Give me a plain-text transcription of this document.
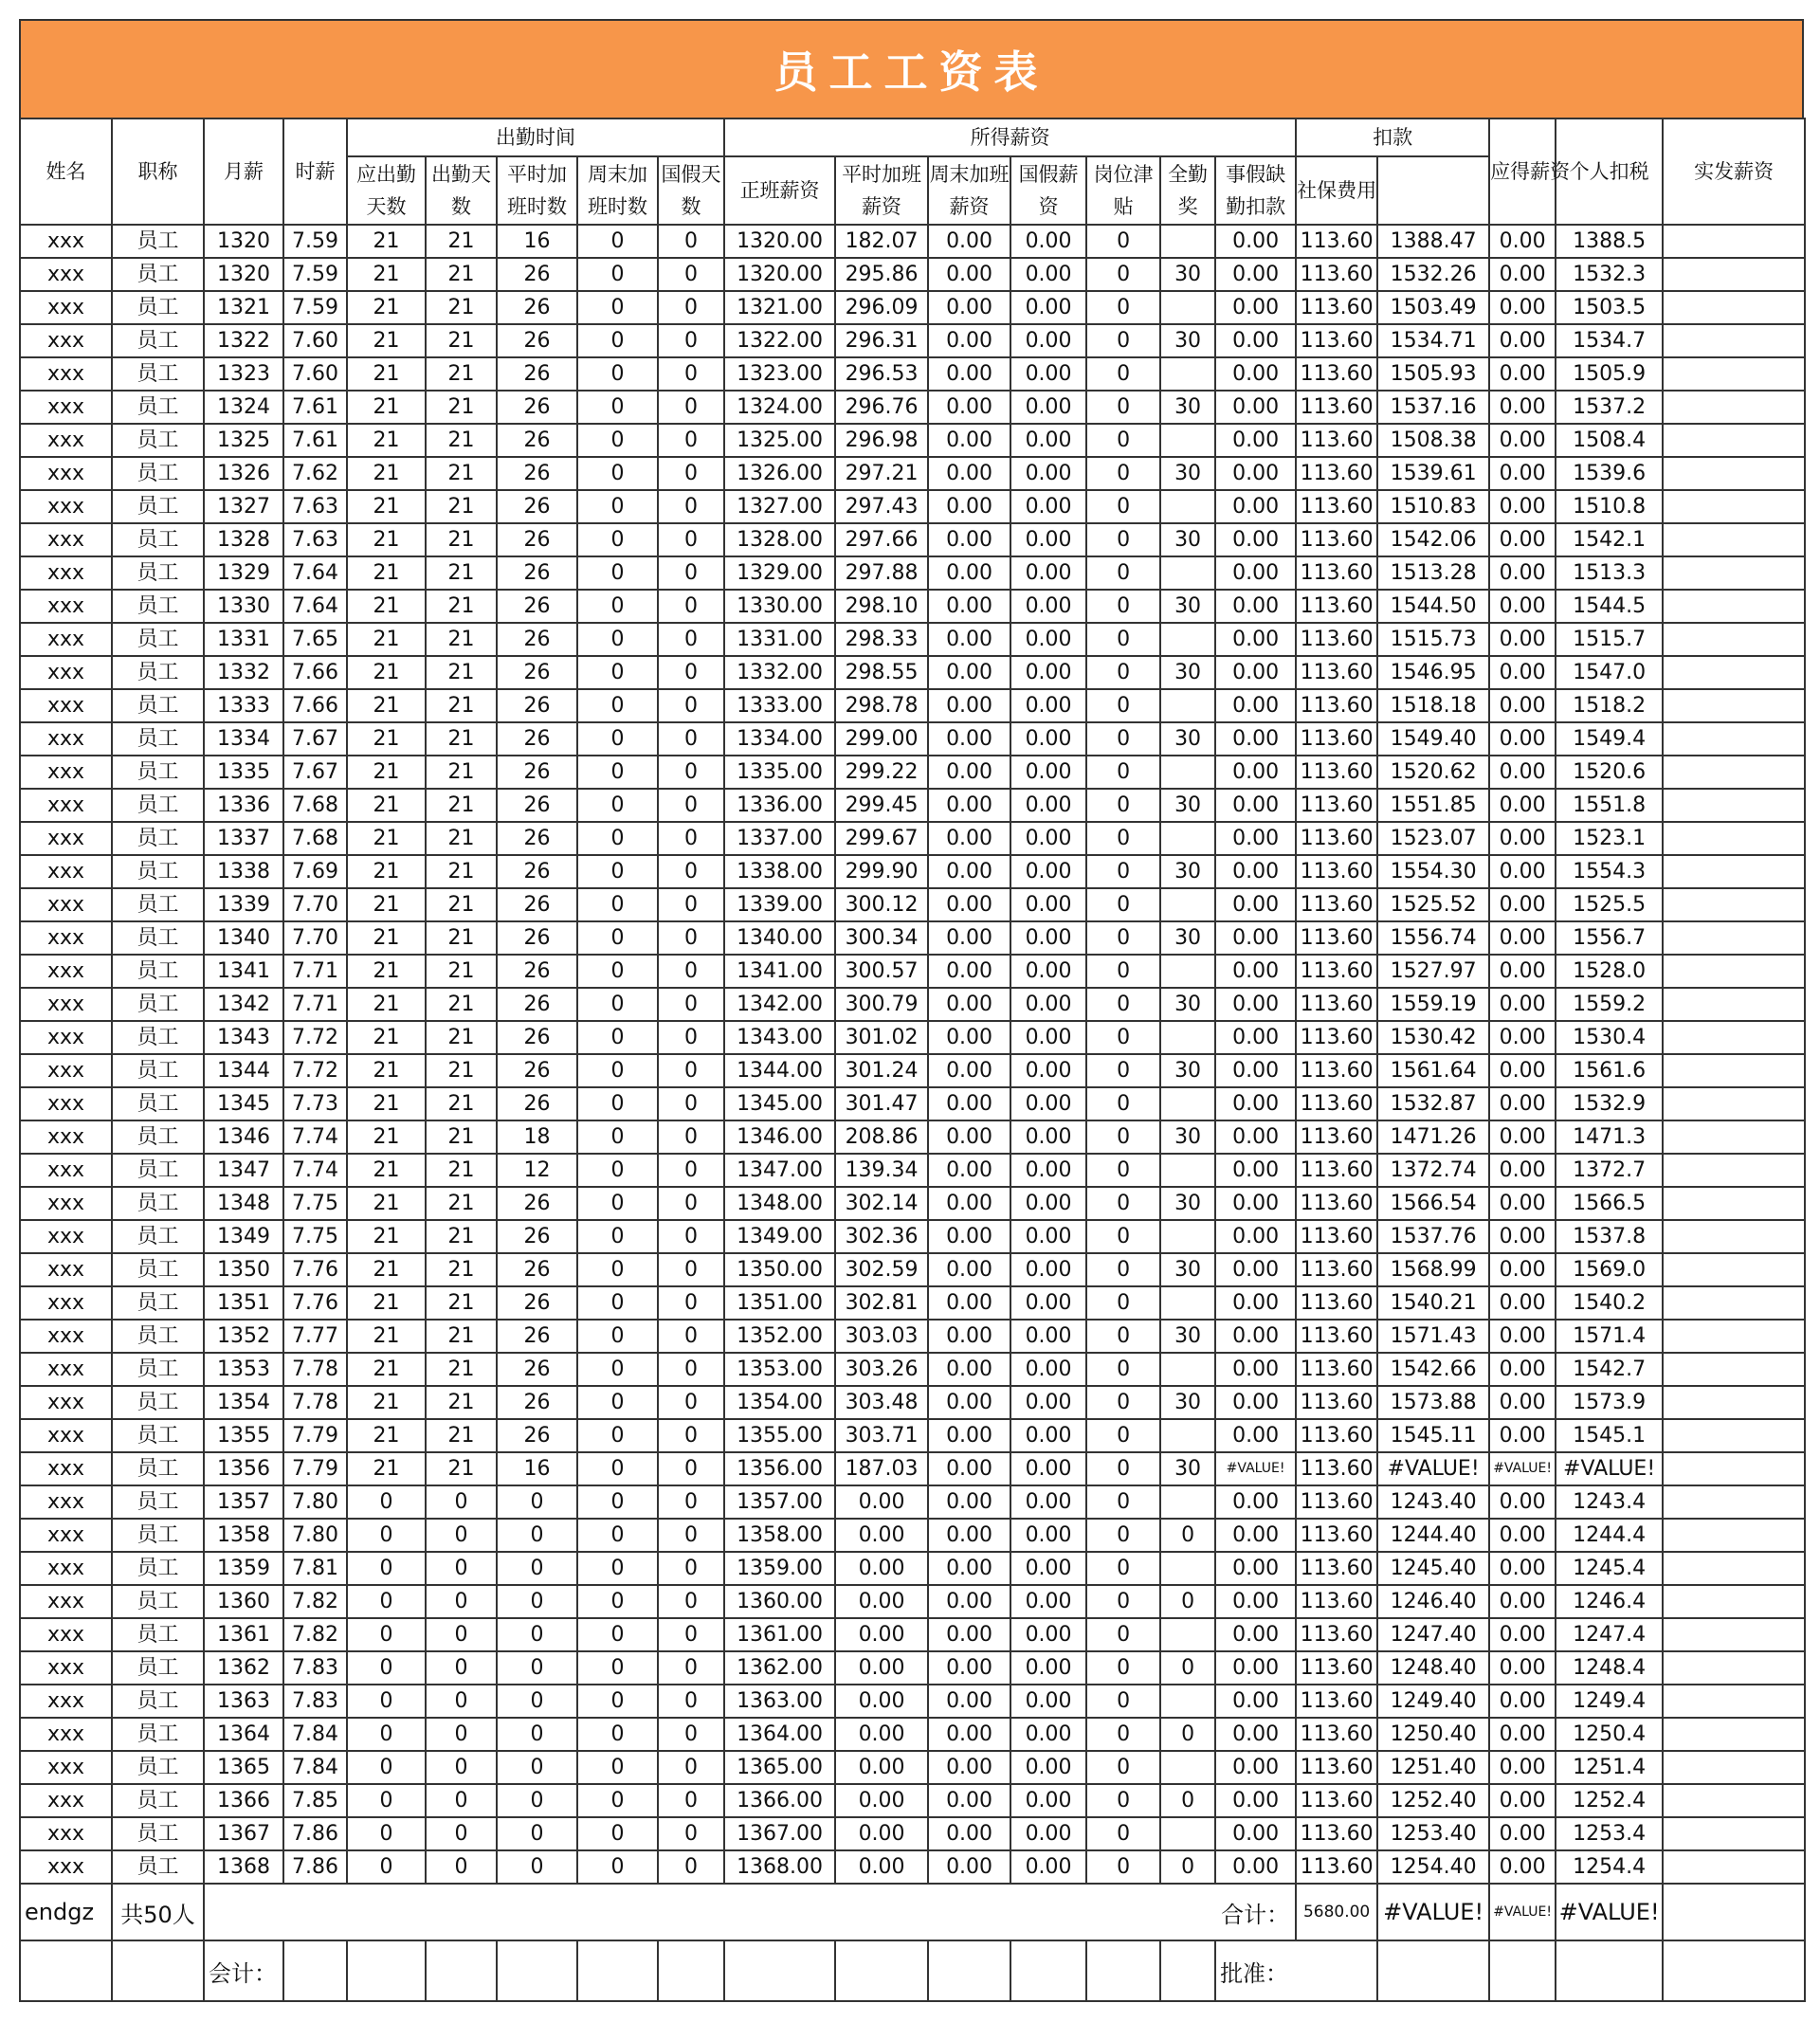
员工工资表
姓名	职称	月薪	时薪	出勤时间					所得薪资							扣款		应得薪资	个人扣税	实发薪资	
				应出勤天数	出勤天数	平时加班时数	周末加班时数	国假天数	正班薪资	平时加班薪资	周末加班薪资	国假薪资	岗位津贴	全勤奖	事假缺勤扣款	社保费用					
xxx	员工	1320	7.59	21	21	16	0	0	1320.00	182.07	0.00	0.00	0		0.00	113.60	1388.47	0.00	1388.5		
xxx	员工	1320	7.59	21	21	26	0	0	1320.00	295.86	0.00	0.00	0	30	0.00	113.60	1532.26	0.00	1532.3		
xxx	员工	1321	7.59	21	21	26	0	0	1321.00	296.09	0.00	0.00	0		0.00	113.60	1503.49	0.00	1503.5		
xxx	员工	1322	7.60	21	21	26	0	0	1322.00	296.31	0.00	0.00	0	30	0.00	113.60	1534.71	0.00	1534.7		
xxx	员工	1323	7.60	21	21	26	0	0	1323.00	296.53	0.00	0.00	0		0.00	113.60	1505.93	0.00	1505.9		
xxx	员工	1324	7.61	21	21	26	0	0	1324.00	296.76	0.00	0.00	0	30	0.00	113.60	1537.16	0.00	1537.2		
xxx	员工	1325	7.61	21	21	26	0	0	1325.00	296.98	0.00	0.00	0		0.00	113.60	1508.38	0.00	1508.4		
xxx	员工	1326	7.62	21	21	26	0	0	1326.00	297.21	0.00	0.00	0	30	0.00	113.60	1539.61	0.00	1539.6		
xxx	员工	1327	7.63	21	21	26	0	0	1327.00	297.43	0.00	0.00	0		0.00	113.60	1510.83	0.00	1510.8		
xxx	员工	1328	7.63	21	21	26	0	0	1328.00	297.66	0.00	0.00	0	30	0.00	113.60	1542.06	0.00	1542.1		
xxx	员工	1329	7.64	21	21	26	0	0	1329.00	297.88	0.00	0.00	0		0.00	113.60	1513.28	0.00	1513.3		
xxx	员工	1330	7.64	21	21	26	0	0	1330.00	298.10	0.00	0.00	0	30	0.00	113.60	1544.50	0.00	1544.5		
xxx	员工	1331	7.65	21	21	26	0	0	1331.00	298.33	0.00	0.00	0		0.00	113.60	1515.73	0.00	1515.7		
xxx	员工	1332	7.66	21	21	26	0	0	1332.00	298.55	0.00	0.00	0	30	0.00	113.60	1546.95	0.00	1547.0		
xxx	员工	1333	7.66	21	21	26	0	0	1333.00	298.78	0.00	0.00	0		0.00	113.60	1518.18	0.00	1518.2		
xxx	员工	1334	7.67	21	21	26	0	0	1334.00	299.00	0.00	0.00	0	30	0.00	113.60	1549.40	0.00	1549.4		
xxx	员工	1335	7.67	21	21	26	0	0	1335.00	299.22	0.00	0.00	0		0.00	113.60	1520.62	0.00	1520.6		
xxx	员工	1336	7.68	21	21	26	0	0	1336.00	299.45	0.00	0.00	0	30	0.00	113.60	1551.85	0.00	1551.8		
xxx	员工	1337	7.68	21	21	26	0	0	1337.00	299.67	0.00	0.00	0		0.00	113.60	1523.07	0.00	1523.1		
xxx	员工	1338	7.69	21	21	26	0	0	1338.00	299.90	0.00	0.00	0	30	0.00	113.60	1554.30	0.00	1554.3		
xxx	员工	1339	7.70	21	21	26	0	0	1339.00	300.12	0.00	0.00	0		0.00	113.60	1525.52	0.00	1525.5		
xxx	员工	1340	7.70	21	21	26	0	0	1340.00	300.34	0.00	0.00	0	30	0.00	113.60	1556.74	0.00	1556.7		
xxx	员工	1341	7.71	21	21	26	0	0	1341.00	300.57	0.00	0.00	0		0.00	113.60	1527.97	0.00	1528.0		
xxx	员工	1342	7.71	21	21	26	0	0	1342.00	300.79	0.00	0.00	0	30	0.00	113.60	1559.19	0.00	1559.2		
xxx	员工	1343	7.72	21	21	26	0	0	1343.00	301.02	0.00	0.00	0		0.00	113.60	1530.42	0.00	1530.4		
xxx	员工	1344	7.72	21	21	26	0	0	1344.00	301.24	0.00	0.00	0	30	0.00	113.60	1561.64	0.00	1561.6		
xxx	员工	1345	7.73	21	21	26	0	0	1345.00	301.47	0.00	0.00	0		0.00	113.60	1532.87	0.00	1532.9		
xxx	员工	1346	7.74	21	21	18	0	0	1346.00	208.86	0.00	0.00	0	30	0.00	113.60	1471.26	0.00	1471.3		
xxx	员工	1347	7.74	21	21	12	0	0	1347.00	139.34	0.00	0.00	0		0.00	113.60	1372.74	0.00	1372.7		
xxx	员工	1348	7.75	21	21	26	0	0	1348.00	302.14	0.00	0.00	0	30	0.00	113.60	1566.54	0.00	1566.5		
xxx	员工	1349	7.75	21	21	26	0	0	1349.00	302.36	0.00	0.00	0		0.00	113.60	1537.76	0.00	1537.8		
xxx	员工	1350	7.76	21	21	26	0	0	1350.00	302.59	0.00	0.00	0	30	0.00	113.60	1568.99	0.00	1569.0		
xxx	员工	1351	7.76	21	21	26	0	0	1351.00	302.81	0.00	0.00	0		0.00	113.60	1540.21	0.00	1540.2		
xxx	员工	1352	7.77	21	21	26	0	0	1352.00	303.03	0.00	0.00	0	30	0.00	113.60	1571.43	0.00	1571.4		
xxx	员工	1353	7.78	21	21	26	0	0	1353.00	303.26	0.00	0.00	0		0.00	113.60	1542.66	0.00	1542.7		
xxx	员工	1354	7.78	21	21	26	0	0	1354.00	303.48	0.00	0.00	0	30	0.00	113.60	1573.88	0.00	1573.9		
xxx	员工	1355	7.79	21	21	26	0	0	1355.00	303.71	0.00	0.00	0		0.00	113.60	1545.11	0.00	1545.1		
xxx	员工	1356	7.79	21	21	16	0	0	1356.00	187.03	0.00	0.00	0	30	#VALUE!	113.60	#VALUE!	#VALUE!	#VALUE!		
xxx	员工	1357	7.80	0	0	0	0	0	1357.00	0.00	0.00	0.00	0		0.00	113.60	1243.40	0.00	1243.4		
xxx	员工	1358	7.80	0	0	0	0	0	1358.00	0.00	0.00	0.00	0	0	0.00	113.60	1244.40	0.00	1244.4		
xxx	员工	1359	7.81	0	0	0	0	0	1359.00	0.00	0.00	0.00	0		0.00	113.60	1245.40	0.00	1245.4		
xxx	员工	1360	7.82	0	0	0	0	0	1360.00	0.00	0.00	0.00	0	0	0.00	113.60	1246.40	0.00	1246.4		
xxx	员工	1361	7.82	0	0	0	0	0	1361.00	0.00	0.00	0.00	0		0.00	113.60	1247.40	0.00	1247.4		
xxx	员工	1362	7.83	0	0	0	0	0	1362.00	0.00	0.00	0.00	0	0	0.00	113.60	1248.40	0.00	1248.4		
xxx	员工	1363	7.83	0	0	0	0	0	1363.00	0.00	0.00	0.00	0		0.00	113.60	1249.40	0.00	1249.4		
xxx	员工	1364	7.84	0	0	0	0	0	1364.00	0.00	0.00	0.00	0	0	0.00	113.60	1250.40	0.00	1250.4		
xxx	员工	1365	7.84	0	0	0	0	0	1365.00	0.00	0.00	0.00	0		0.00	113.60	1251.40	0.00	1251.4		
xxx	员工	1366	7.85	0	0	0	0	0	1366.00	0.00	0.00	0.00	0	0	0.00	113.60	1252.40	0.00	1252.4		
xxx	员工	1367	7.86	0	0	0	0	0	1367.00	0.00	0.00	0.00	0		0.00	113.60	1253.40	0.00	1253.4		
xxx	员工	1368	7.86	0	0	0	0	0	1368.00	0.00	0.00	0.00	0	0	0.00	113.60	1254.40	0.00	1254.4		
endgz	共50人	合计：														5680.00	#VALUE!	#VALUE!	#VALUE!		
		会计：													批准：						
